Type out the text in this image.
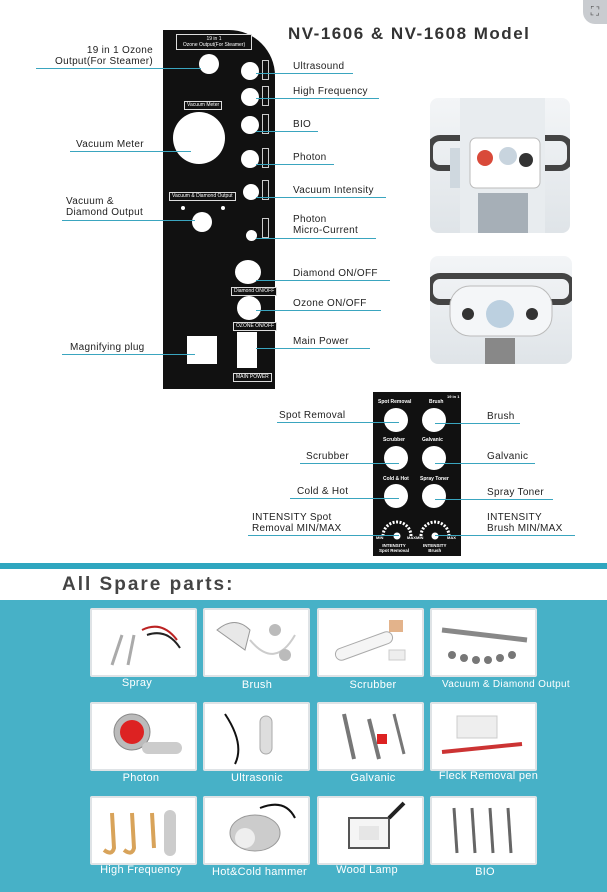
NV-1606 & NV-1608 Model
⛶
19 in 1
Ozone Output(For Steamer)
Vacuum Meter
Vacuum & Diamond Output
Diamond ON/OFF
OZONE ON/OFF
MAIN POWER
19 in 1 Ozone
Output(For Steamer)
Vacuum Meter
Vacuum &
Diamond Output
Magnifying plug
Ultrasound
High Frequency
BIO
Photon
Vacuum Intensity
Photon
Micro-Current
Diamond ON/OFF
Ozone ON/OFF
Main Power
Spot Removal	Brush
19 in 1
Scrubber	Galvanic
Cold & Hot Spray Toner
MIN	MAX MIN	MAX
INTENSITY
Spot Removal
INTENSITY
Brush
Spot Removal
Scrubber
Cold & Hot
INTENSITY Spot
Removal MIN/MAX
Brush
Galvanic
Spray Toner
INTENSITY
Brush MIN/MAX
All Spare parts:
Spray	Brush	Scrubber	Vacuum & Diamond Output
Photon	Ultrasonic	Galvanic	Fleck Removal pen
High Frequency	Hot&Cold hammer	Wood Lamp	BIO
